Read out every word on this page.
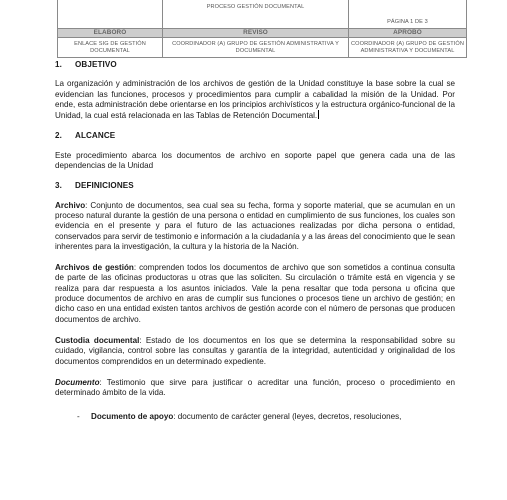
	PROCESO GESTIÓN DOCUMENTAL	PÁGINA 1 DE 3
ELABORÓ	REVISÓ	APROBÓ
ENLACE SIG DE GESTIÓN DOCUMENTAL	COORDINADOR (A) GRUPO DE GESTIÓN ADMINISTRATIVA Y DOCUMENTAL	COORDINADOR (A) GRUPO DE GESTIÓN ADMINISTRATIVA Y DOCUMENTAL
1. OBJETIVO

La organización y administración de los archivos de gestión de la Unidad constituye la base sobre la cual se evidencian las funciones, procesos y procedimientos para cumplir a cabalidad la misión de la Unidad. Por ende, esta administración debe orientarse en los principios archivísticos y la estructura orgánico-funcional de la Unidad, la cual está relacionada en las Tablas de Retención Documental.

2. ALCANCE

Este procedimiento abarca los documentos de archivo en soporte papel que genera cada una de las dependencias de la Unidad

3. DEFINICIONES

Archivo: Conjunto de documentos, sea cual sea su fecha, forma y soporte material, que se acumulan en un proceso natural durante la gestión de una persona o entidad en cumplimiento de sus funciones, los cuales son evidencia en el presente y para el futuro de las actuaciones realizadas por dicha persona o entidad, conservados para servir de testimonio e información a la ciudadanía y a las áreas del conocimiento que le sean inherentes para la investigación, la cultura y la historia de la Nación.

Archivos de gestión: comprenden todos los documentos de archivo que son sometidos a continua consulta de parte de las oficinas productoras u otras que las soliciten. Su circulación o trámite está en vigencia y se realiza para dar respuesta a los asuntos iniciados. Vale la pena resaltar que toda persona u oficina que produce documentos de archivo en aras de cumplir sus funciones o procesos tiene un archivo de gestión; en dicho caso en una entidad existen tantos archivos de gestión acorde con el número de personas que producen documentos de archivo.

Custodia documental: Estado de los documentos en los que se determina la responsabilidad sobre su cuidado, vigilancia, control sobre las consultas y garantía de la integridad, autenticidad y originalidad de los documentos comprendidos en un determinado expediente.

Documento: Testimonio que sirve para justificar o acreditar una función, proceso o procedimiento en determinado ámbito de la vida.

- Documento de apoyo: documento de carácter general (leyes, decretos, resoluciones,
